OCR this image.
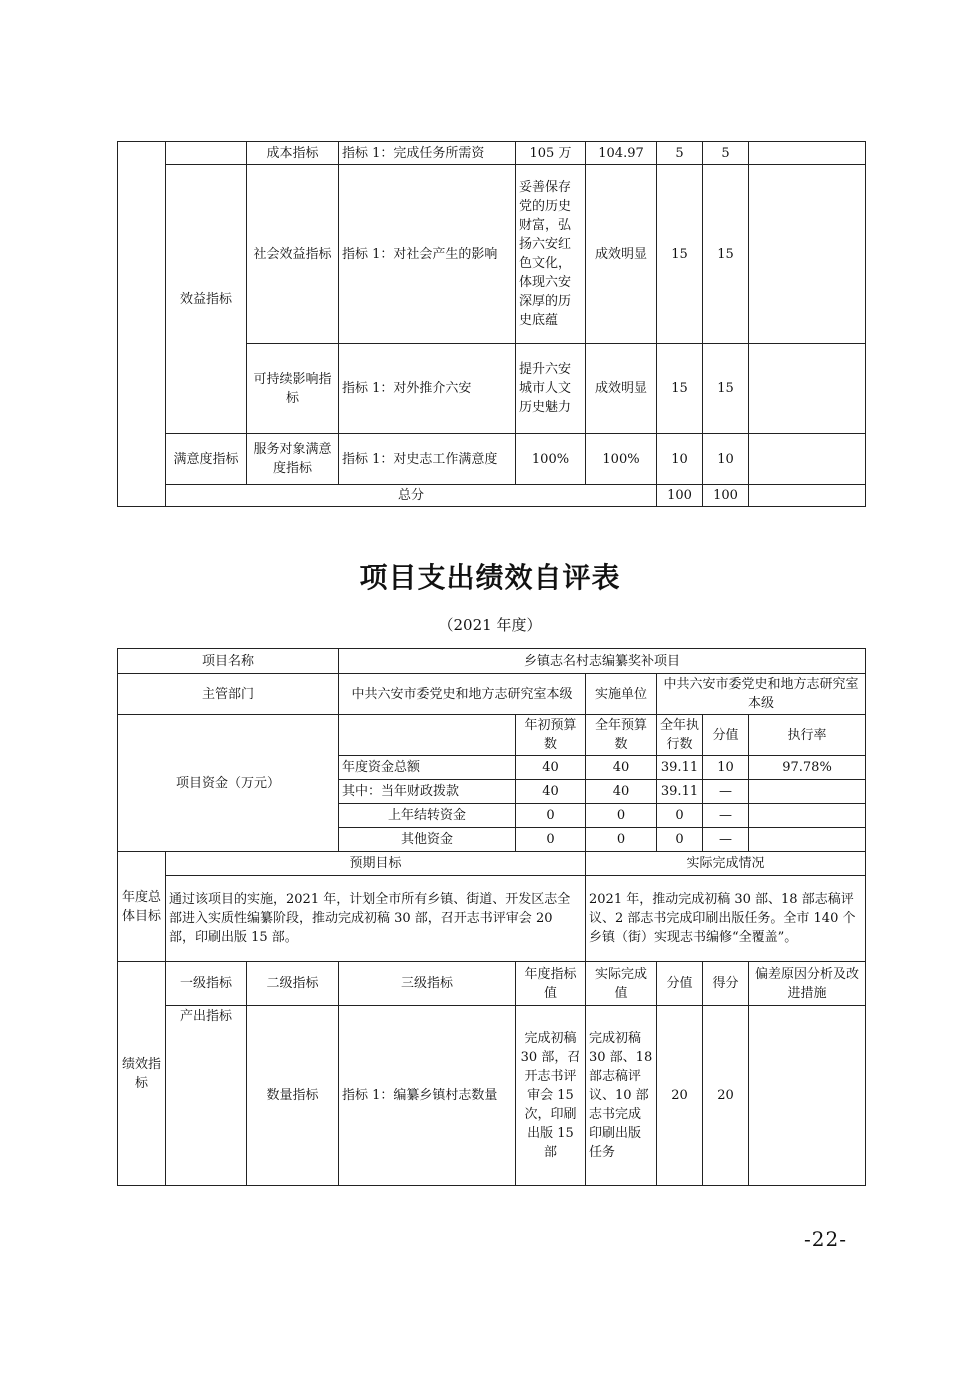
		成本指标	指标 1：完成任务所需资	105 万	104.97	5	5	
	效益指标	社会效益指标	指标 1：对社会产生的影响	妥善保存党的历史财富，弘扬六安红色文化，体现六安深厚的历史底蕴	成效明显	15	15	
		可持续影响指标	指标 1：对外推介六安	提升六安城市人文历史魅力	成效明显	15	15	
	满意度指标	服务对象满意度指标	指标 1：对史志工作满意度	100%	100%	10	10	
	总分					100	100	
项目支出绩效自评表
（2021 年度）
项目名称			乡镇志名村志编纂奖补项目						
主管部门			中共六安市委党史和地方志研究室本级		实施单位	中共六安市委党史和地方志研究室本级			
项目资金（万元）				年初预算数	全年预算数	全年执行数	分值	执行率	
			年度资金总额	40	40	39.11	10	97.78%	
			其中：当年财政拨款	40	40	39.11	—		
			上年结转资金	0	0	0	—		
			其他资金	0	0	0	—		
年度总体目标	预期目标				实际完成情况				
	通过该项目的实施，2021 年，计划全市所有乡镇、街道、开发区志全部进入实质性编纂阶段，推动完成初稿 30 部，召开志书评审会 20 部，印刷出版 15 部。				2021 年，推动完成初稿 30 部、18 部志稿评议、2 部志书完成印刷出版任务。全市 140 个乡镇（街）实现志书编修“全覆盖”。				
绩效指标	一级指标	二级指标	三级指标	年度指标值	实际完成值	分值	得分	偏差原因分析及改进措施	
	产出指标	数量指标	指标 1：编纂乡镇村志数量	完成初稿 30 部，召开志书评审会 15 次，印刷出版 15 部	完成初稿 30 部、18 部志稿评议、10 部志书完成印刷出版任务	20	20		
-22-
